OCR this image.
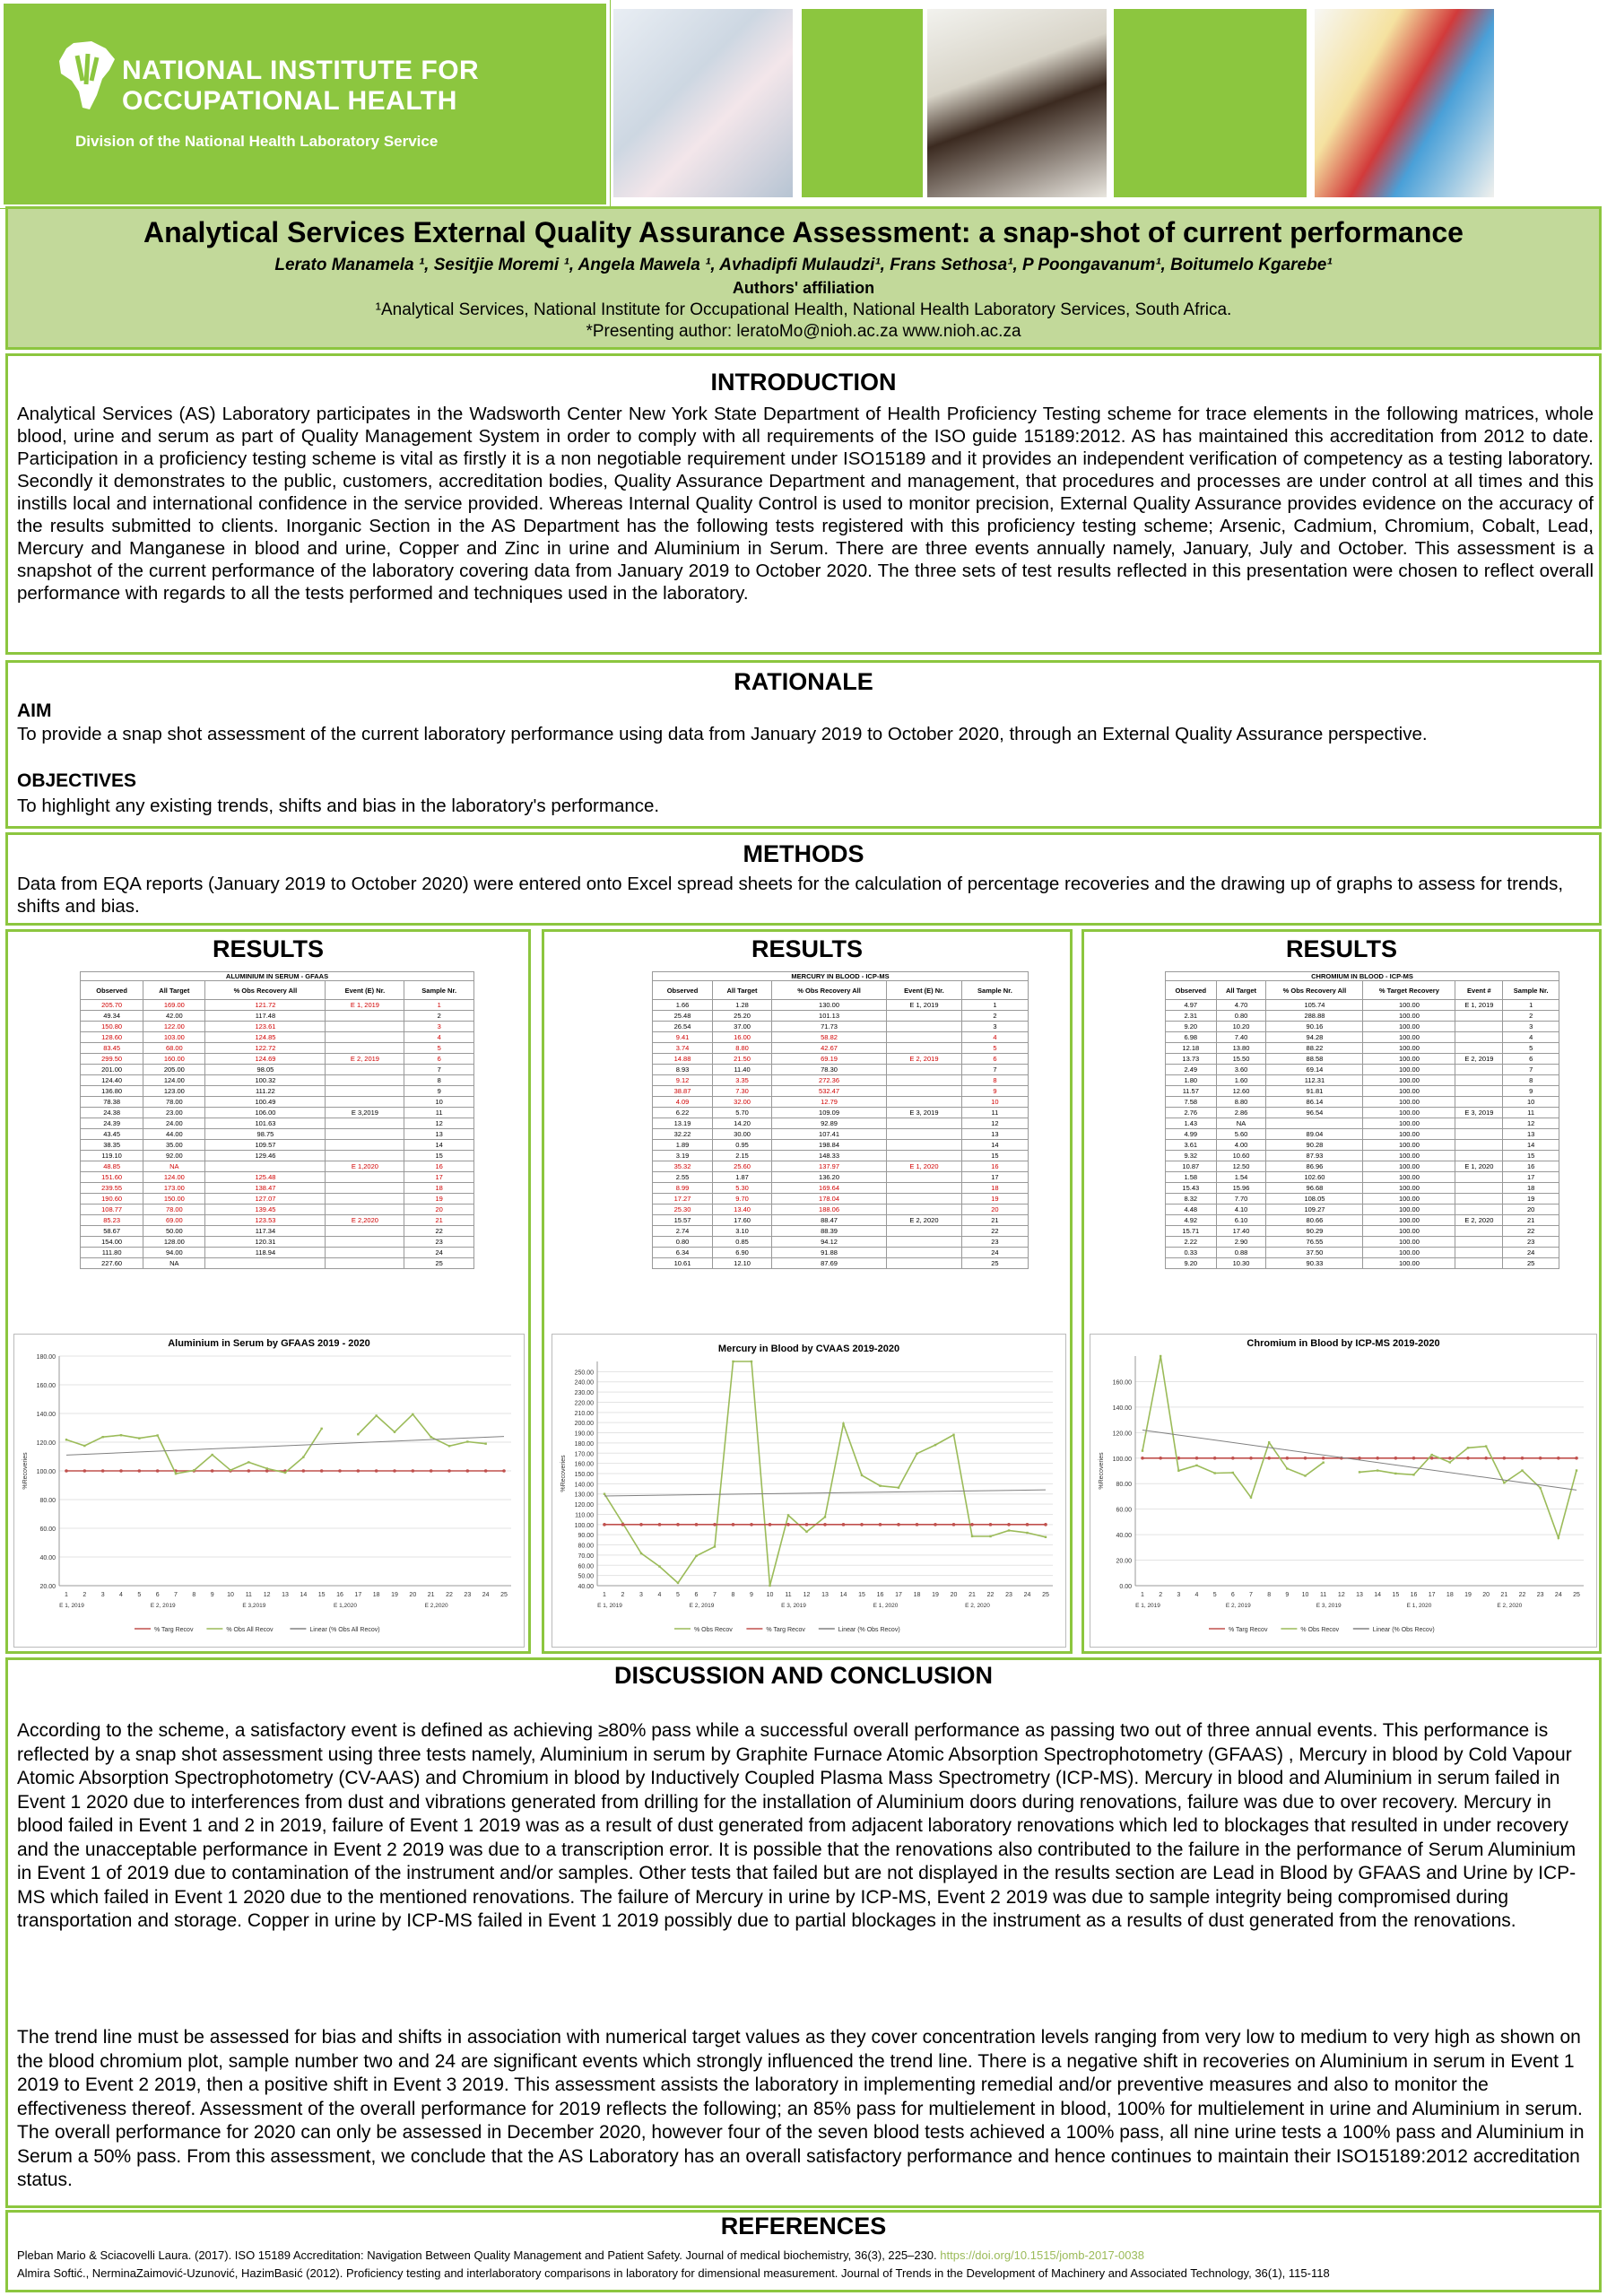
NATIONAL INSTITUTE FOR
OCCUPATIONAL HEALTH
Division of the National Health Laboratory Service
Analytical Services External Quality Assurance Assessment: a snap-shot of current performance
Lerato Manamela ¹, Sesitjie Moremi ¹, Angela Mawela ¹, Avhadipfi Mulaudzi¹, Frans Sethosa¹, P Poongavanum¹, Boitumelo Kgarebe¹
Authors' affiliation
¹Analytical Services, National Institute for Occupational Health, National Health Laboratory Services, South Africa.
*Presenting author: leratoMo@nioh.ac.za www.nioh.ac.za
INTRODUCTION
Analytical Services (AS) Laboratory participates in the Wadsworth Center New York State Department of Health Proficiency Testing scheme for trace elements in the following matrices, whole blood, urine and serum as part of Quality Management System in order to comply with all requirements of the ISO guide 15189:2012. AS has maintained this accreditation from 2012 to date. Participation in a proficiency testing scheme is vital as firstly it is a non negotiable requirement under ISO15189 and it provides an independent verification of competency as a testing laboratory. Secondly it demonstrates to the public, customers, accreditation bodies, Quality Assurance Department and management, that procedures and processes are under control at all times and this instills local and international confidence in the service provided. Whereas Internal Quality Control is used to monitor precision, External Quality Assurance provides evidence on the accuracy of the results submitted to clients. Inorganic Section in the AS Department has the following tests registered with this proficiency testing scheme; Arsenic, Cadmium, Chromium, Cobalt, Lead, Mercury and Manganese in blood and urine, Copper and Zinc in urine and Aluminium in Serum. There are three events annually namely, January, July and October. This assessment is a snapshot of the current performance of the laboratory covering data from January 2019 to October 2020. The three sets of test results reflected in this presentation were chosen to reflect overall performance with regards to all the tests performed and techniques used in the laboratory.
RATIONALE
AIM
To provide a snap shot assessment of the current laboratory performance using data from January 2019 to October 2020, through an External Quality Assurance perspective.
OBJECTIVES
To highlight any existing trends, shifts and bias in the laboratory's performance.
METHODS
Data from EQA reports (January 2019 to October 2020) were entered onto Excel spread sheets for the calculation of percentage recoveries and the drawing up of graphs to assess for trends, shifts and bias.
RESULTS
ALUMINIUM IN SERUM - GFAAS
Observed	All Target	% Obs Recovery All	Event (E) Nr.	Sample Nr.
205.70	169.00	121.72	E 1, 2019	1
49.34	42.00	117.48		2
150.80	122.00	123.61		3
128.60	103.00	124.85		4
83.45	68.00	122.72		5
299.50	160.00	124.69	E 2, 2019	6
201.00	205.00	98.05		7
124.40	124.00	100.32		8
136.80	123.00	111.22		9
78.38	78.00	100.49		10
24.38	23.00	106.00	E 3,2019	11
24.39	24.00	101.63		12
43.45	44.00	98.75		13
38.35	35.00	109.57		14
119.10	92.00	129.46		15
48.85	NA		E 1,2020	16
151.60	124.00	125.48		17
239.55	173.00	138.47		18
190.60	150.00	127.07		19
108.77	78.00	139.45		20
85.23	69.00	123.53	E 2,2020	21
58.67	50.00	117.34		22
154.00	128.00	120.31		23
111.80	94.00	118.94		24
227.60	NA			25
Aluminium in Serum by GFAAS 2019 - 2020
20.00
40.00
60.00
80.00
100.00
120.00
140.00
160.00
180.00
%Recoveries
1 2 3 4 5 6 7 8 9 10 11 12 13 14 15 16 17 18 19 20 21 22 23 24 25
E 1, 2019	E 2, 2019	E 3,2019	E 1,2020	E 2,2020
% Targ Recov	% Obs All Recov	Linear (% Obs All Recov)
RESULTS
MERCURY IN BLOOD - ICP-MS
Observed	All Target	% Obs Recovery All	Event (E) Nr.	Sample Nr.
1.66	1.28	130.00	E 1, 2019	1
25.48	25.20	101.13		2
26.54	37.00	71.73		3
9.41	16.00	58.82		4
3.74	8.80	42.67		5
14.88	21.50	69.19	E 2, 2019	6
8.93	11.40	78.30		7
9.12	3.35	272.36		8
38.87	7.30	532.47		9
4.09	32.00	12.79		10
6.22	5.70	109.09	E 3, 2019	11
13.19	14.20	92.89		12
32.22	30.00	107.41		13
1.89	0.95	198.84		14
3.19	2.15	148.33		15
35.32	25.60	137.97	E 1, 2020	16
2.55	1.87	136.20		17
8.99	5.30	169.64		18
17.27	9.70	178.04		19
25.30	13.40	188.06		20
15.57	17.60	88.47	E 2, 2020	21
2.74	3.10	88.39		22
0.80	0.85	94.12		23
6.34	6.90	91.88		24
10.61	12.10	87.69		25
Mercury in Blood by CVAAS 2019-2020
40.00
50.00
60.00
70.00
80.00
90.00
100.00
110.00
120.00
130.00
140.00
150.00
160.00
170.00
180.00
190.00
200.00
210.00
220.00
230.00
240.00
250.00
%Recoveries
1 2 3 4 5 6 7 8 9 10 11 12 13 14 15 16 17 18 19 20 21 22 23 24 25
E 1, 2019	E 2, 2019	E 3, 2019	E 1, 2020	E 2, 2020
% Obs Recov	% Targ Recov	Linear (% Obs Recov)
RESULTS
CHROMIUM IN BLOOD - ICP-MS
Observed	All Target	% Obs Recovery All	% Target Recovery	Event #	Sample Nr.
4.97	4.70	105.74	100.00	E 1, 2019	1
2.31	0.80	288.88	100.00		2
9.20	10.20	90.16	100.00		3
6.98	7.40	94.28	100.00		4
12.18	13.80	88.22	100.00		5
13.73	15.50	88.58	100.00	E 2, 2019	6
2.49	3.60	69.14	100.00		7
1.80	1.60	112.31	100.00		8
11.57	12.60	91.81	100.00		9
7.58	8.80	86.14	100.00		10
2.76	2.86	96.54	100.00	E 3, 2019	11
1.43	NA		100.00		12
4.99	5.60	89.04	100.00		13
3.61	4.00	90.28	100.00		14
9.32	10.60	87.93	100.00		15
10.87	12.50	86.96	100.00	E 1, 2020	16
1.58	1.54	102.60	100.00		17
15.43	15.96	96.68	100.00		18
8.32	7.70	108.05	100.00		19
4.48	4.10	109.27	100.00		20
4.92	6.10	80.66	100.00	E 2, 2020	21
15.71	17.40	90.29	100.00		22
2.22	2.90	76.55	100.00		23
0.33	0.88	37.50	100.00		24
9.20	10.30	90.33	100.00		25
Chromium in Blood by ICP-MS 2019-2020
0.00
20.00
40.00
60.00
80.00
100.00
120.00
140.00
160.00
%Recoveries
1 2 3 4 5 6 7 8 9 10 11 12 13 14 15 16 17 18 19 20 21 22 23 24 25
E 1, 2019	E 2, 2019	E 3, 2019	E 1, 2020	E 2, 2020
% Targ Recov	% Obs Recov	Linear (% Obs Recov)
DISCUSSION AND CONCLUSION
According to the scheme, a satisfactory event is defined as achieving ≥80% pass while a successful overall performance as passing two out of three annual events. This performance is reflected by a snap shot assessment using three tests namely, Aluminium in serum by Graphite Furnace Atomic Absorption Spectrophotometry (GFAAS) , Mercury in blood by Cold Vapour Atomic Absorption Spectrophotometry (CV-AAS) and Chromium in blood by Inductively Coupled Plasma Mass Spectrometry (ICP-MS). Mercury in blood and Aluminium in serum failed in Event 1 2020 due to interferences from dust and vibrations generated from drilling for the installation of Aluminium doors during renovations, failure was due to over recovery. Mercury in blood failed in Event 1 and 2 in 2019, failure of Event 1 2019 was as a result of dust generated from adjacent laboratory renovations which led to blockages that resulted in under recovery and the unacceptable performance in Event 2 2019 was due to a transcription error. It is possible that the renovations also contributed to the failure in the performance of Serum Aluminium in Event 1 of 2019 due to contamination of the instrument and/or samples. Other tests that failed but are not displayed in the results section are Lead in Blood by GFAAS and Urine by ICP-MS which failed in Event 1 2020 due to the mentioned renovations. The failure of Mercury in urine by ICP-MS, Event 2 2019 was due to sample integrity being compromised during transportation and storage. Copper in urine by ICP-MS failed in Event 1 2019 possibly due to partial blockages in the instrument as a results of dust generated from the renovations.
The trend line must be assessed for bias and shifts in association with numerical target values as they cover concentration levels ranging from very low to medium to very high as shown on the blood chromium plot, sample number two and 24 are significant events which strongly influenced the trend line. There is a negative shift in recoveries on Aluminium in serum in Event 1 2019 to Event 2 2019, then a positive shift in Event 3 2019. This assessment assists the laboratory in implementing remedial and/or preventive measures and also to monitor the effectiveness thereof. Assessment of the overall performance for 2019 reflects the following; an 85% pass for multielement in blood, 100% for multielement in urine and Aluminium in serum. The overall performance for 2020 can only be assessed in December 2020, however four of the seven blood tests achieved a 100% pass, all nine urine tests a 100% pass and Aluminium in Serum a 50% pass. From this assessment, we conclude that the AS Laboratory has an overall satisfactory performance and hence continues to maintain their ISO15189:2012 accreditation status.
REFERENCES
Pleban Mario & Sciacovelli Laura. (2017). ISO 15189 Accreditation: Navigation Between Quality Management and Patient Safety. Journal of medical biochemistry, 36(3), 225–230. https://doi.org/10.1515/jomb-2017-0038
Almira Softić., NerminaZaimović-Uzunović, HazimBasić (2012). Proficiency testing and interlaboratory comparisons in laboratory for dimensional measurement. Journal of Trends in the Development of Machinery and Associated Technology, 36(1), 115-118
